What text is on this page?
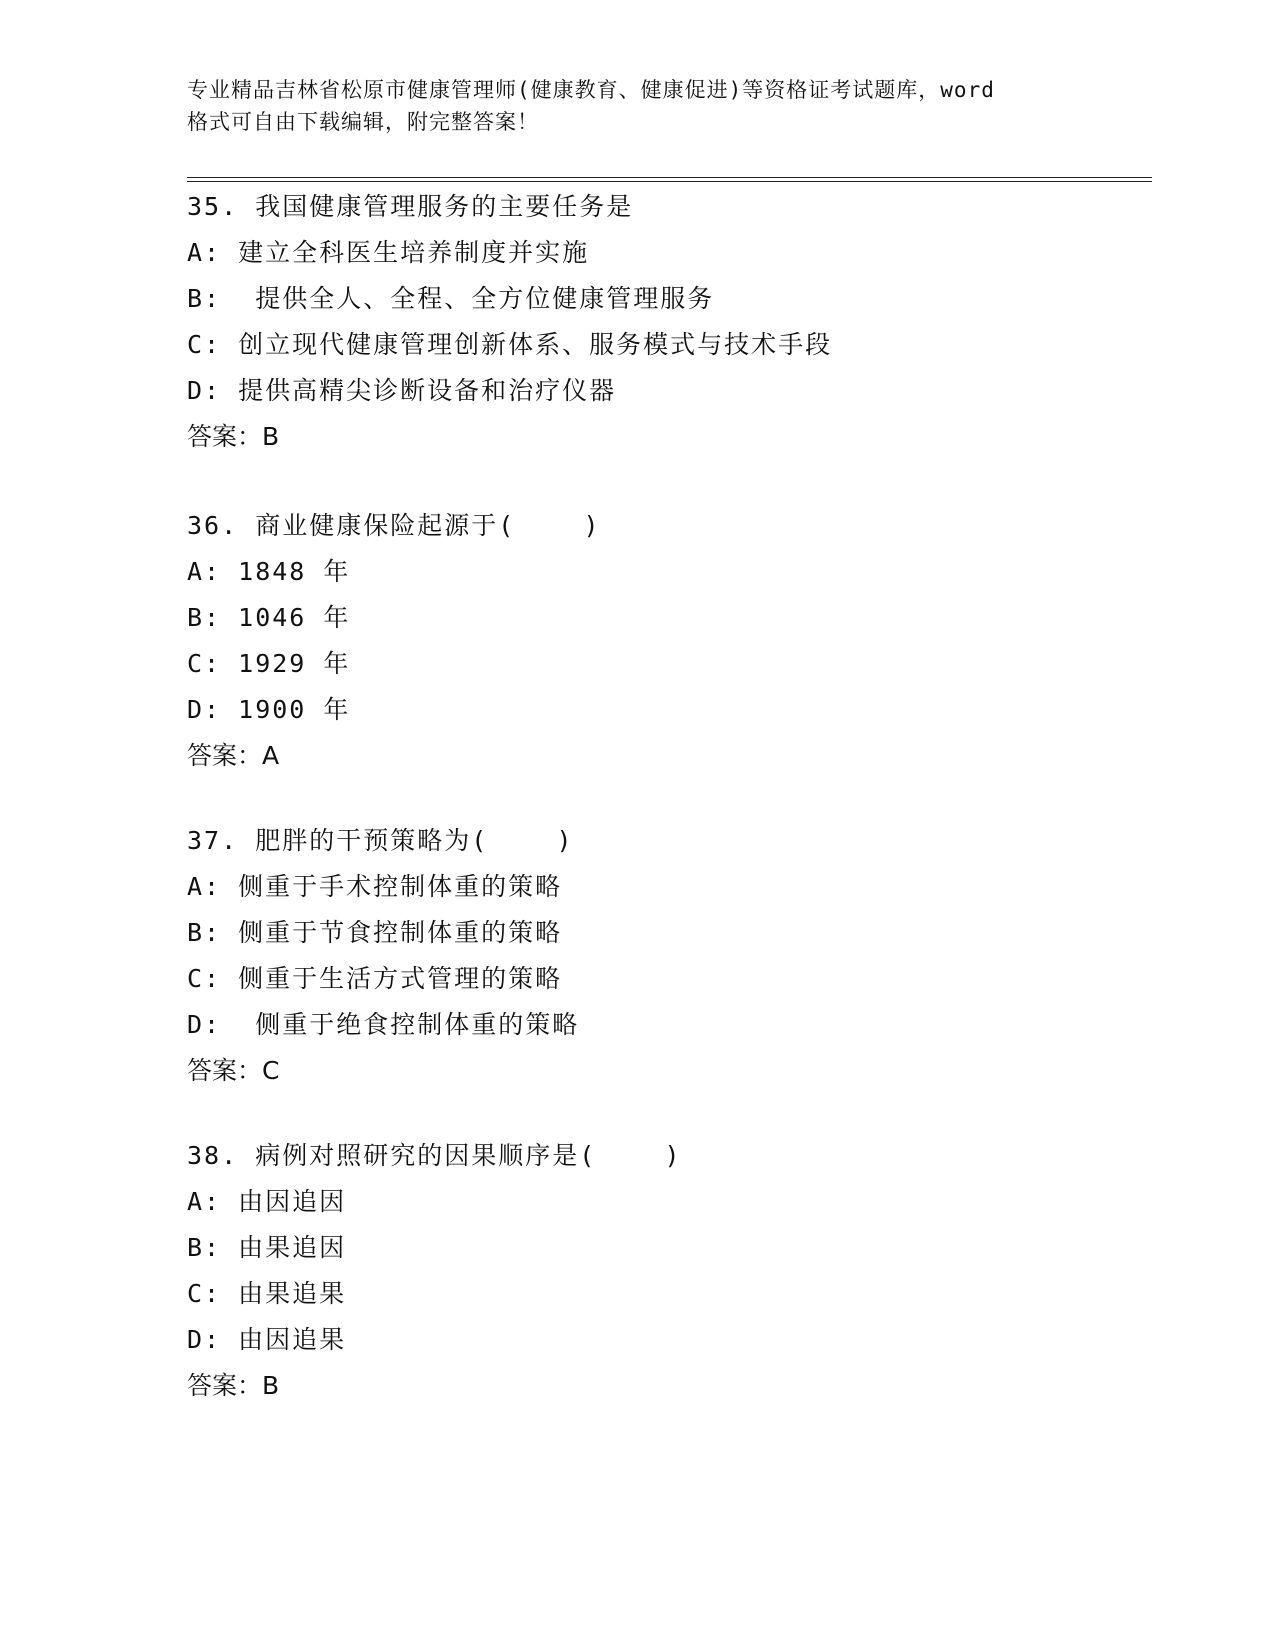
专业精品吉林省松原市健康管理师(健康教育、健康促进)等资格证考试题库，word
格式可自由下载编辑，附完整答案！
35. 我国健康管理服务的主要任务是
A: 建立全科医生培养制度并实施
B:  提供全人、全程、全方位健康管理服务
C: 创立现代健康管理创新体系、服务模式与技术手段
D: 提供高精尖诊断设备和治疗仪器
答案：B
36. 商业健康保险起源于(    )
A: 1848 年
B: 1046 年
C: 1929 年
D: 1900 年
答案：A
37. 肥胖的干预策略为(    )
A: 侧重于手术控制体重的策略
B: 侧重于节食控制体重的策略
C: 侧重于生活方式管理的策略
D:  侧重于绝食控制体重的策略
答案：C
38. 病例对照研究的因果顺序是(    )
A: 由因追因
B: 由果追因
C: 由果追果
D: 由因追果
答案：B
